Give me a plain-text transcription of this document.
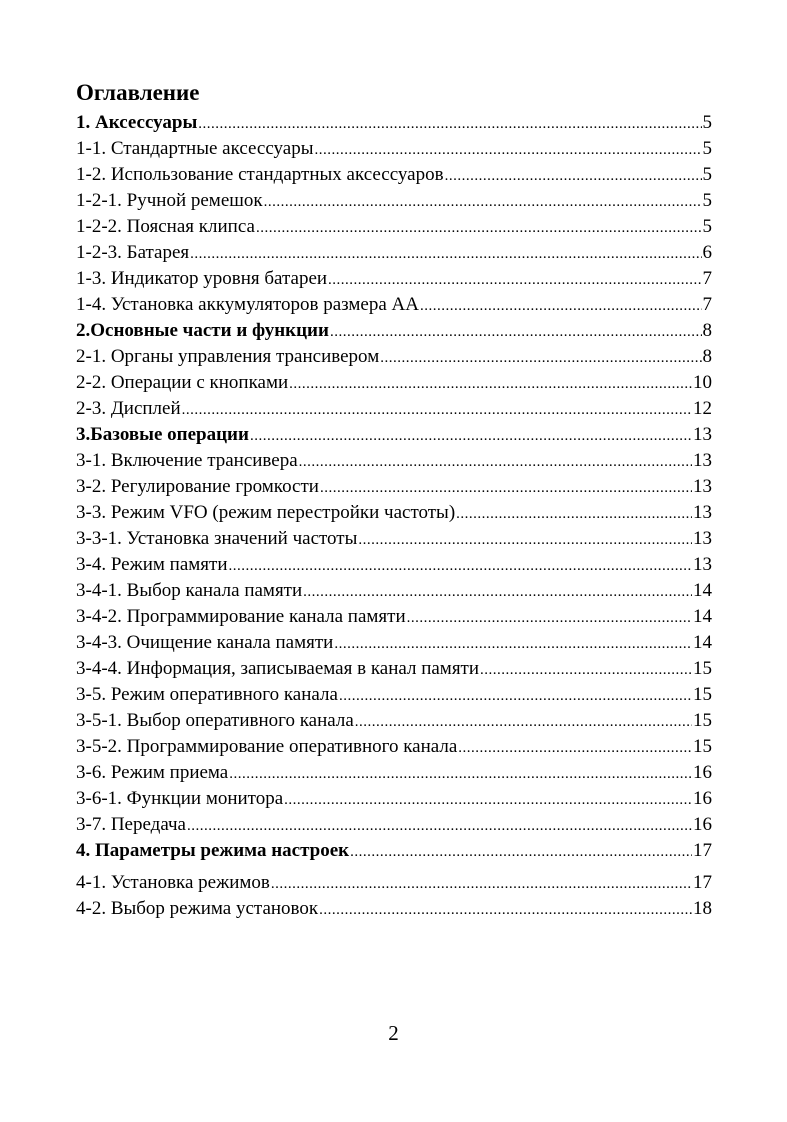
Оглавление
1. Аксессуары .....	5
1-1. Стандартные аксессуары .....	5
1-2. Использование стандартных аксессуаров .....	5
1-2-1. Ручной ремешок .....	5
1-2-2. Поясная клипса .....	5
1-2-3. Батарея .....	6
1-3. Индикатор уровня батареи .....	7
1-4. Установка аккумуляторов размера АА .....	7
2.Основные части и функции .....	8
2-1. Органы управления трансивером .....	8
2-2. Операции с кнопками .....	10
2-3. Дисплей .....	12
3.Базовые операции .....	13
3-1. Включение трансивера .....	13
3-2. Регулирование громкости .....	13
3-3. Режим VFO (режим перестройки частоты) .....	13
3-3-1. Установка значений частоты .....	13
3-4. Режим памяти .....	13
3-4-1. Выбор канала памяти .....	14
3-4-2. Программирование канала памяти .....	14
3-4-3. Очищение канала памяти .....	14
3-4-4. Информация, записываемая в канал памяти .....	15
3-5. Режим оперативного канала .....	15
3-5-1. Выбор оперативного канала .....	15
3-5-2. Программирование оперативного канала .....	15
3-6. Режим приема .....	16
3-6-1. Функции монитора .....	16
3-7. Передача .....	16
4. Параметры режима настроек .....	17
4-1. Установка режимов .....	17
4-2. Выбор режима установок .....	18
2
